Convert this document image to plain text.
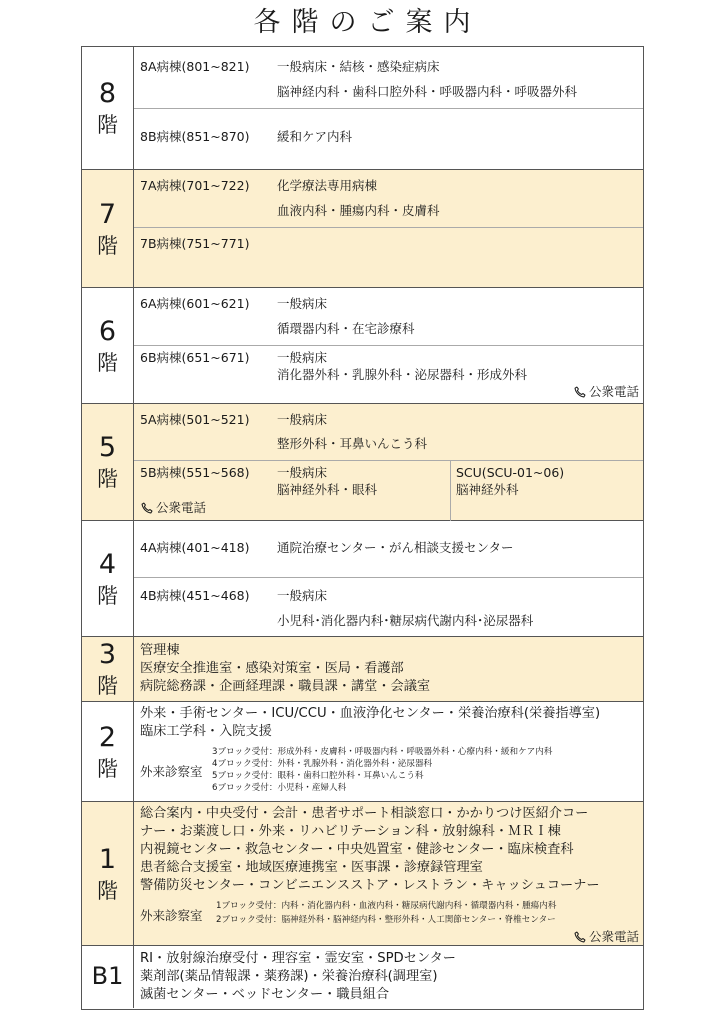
各階のご案内
8
階
8A病棟(801~821) 一般病床・結核・感染症病床
脳神経内科・歯科口腔外科・呼吸器内科・呼吸器外科
8B病棟(851~870) 緩和ケア内科
7
階
7A病棟(701~722) 化学療法専用病棟
血液内科・腫瘍内科・皮膚科
7B病棟(751~771)
6
階
6A病棟(601~621) 一般病床
循環器内科・在宅診療科
6B病棟(651~671) 一般病床
消化器外科・乳腺外科・泌尿器科・形成外科
公衆電話
5
階
5A病棟(501~521) 一般病床
整形外科・耳鼻いんこう科
5B病棟(551~568) 一般病床
脳神経外科・眼科
公衆電話
SCU(SCU-01~06)
脳神経外科
4
階
4A病棟(401~418) 通院治療センター・がん相談支援センター
4B病棟(451~468) 一般病床
小児科･消化器内科･糖尿病代謝内科･泌尿器科
3
階
管理棟
医療安全推進室・感染対策室・医局・看護部
病院総務課・企画経理課・職員課・講堂・会議室
2
階
外来・手術センター・ICU/CCU・血液浄化センター・栄養治療科(栄養指導室)
臨床工学科・入院支援
外来診察室
3ブロック受付：形成外科・皮膚科・呼吸器内科・呼吸器外科・心療内科・緩和ケア内科
4ブロック受付：外科・乳腺外科・消化器外科・泌尿器科
5ブロック受付：眼科・歯科口腔外科・耳鼻いんこう科
6ブロック受付：小児科・産婦人科
1
階
総合案内・中央受付・会計・患者サポート相談窓口・かかりつけ医紹介コー
ナー・お薬渡し口・外来・リハビリテーション科・放射線科・ＭＲＩ棟
内視鏡センター・救急センター・中央処置室・健診センター・臨床検査科
患者総合支援室・地域医療連携室・医事課・診療録管理室
警備防災センター・コンビニエンスストア・レストラン・キャッシュコーナー
外来診察室
1ブロック受付：内科・消化器内科・血液内科・糖尿病代謝内科・循環器内科・腫瘍内科
2ブロック受付：脳神経外科・脳神経内科・整形外科・人工関節センター・脊椎センター
公衆電話
B1
RI・放射線治療受付・理容室・霊安室・SPDセンター
薬剤部(薬品情報課・薬務課)・栄養治療科(調理室)
滅菌センター・ベッドセンター・職員組合
